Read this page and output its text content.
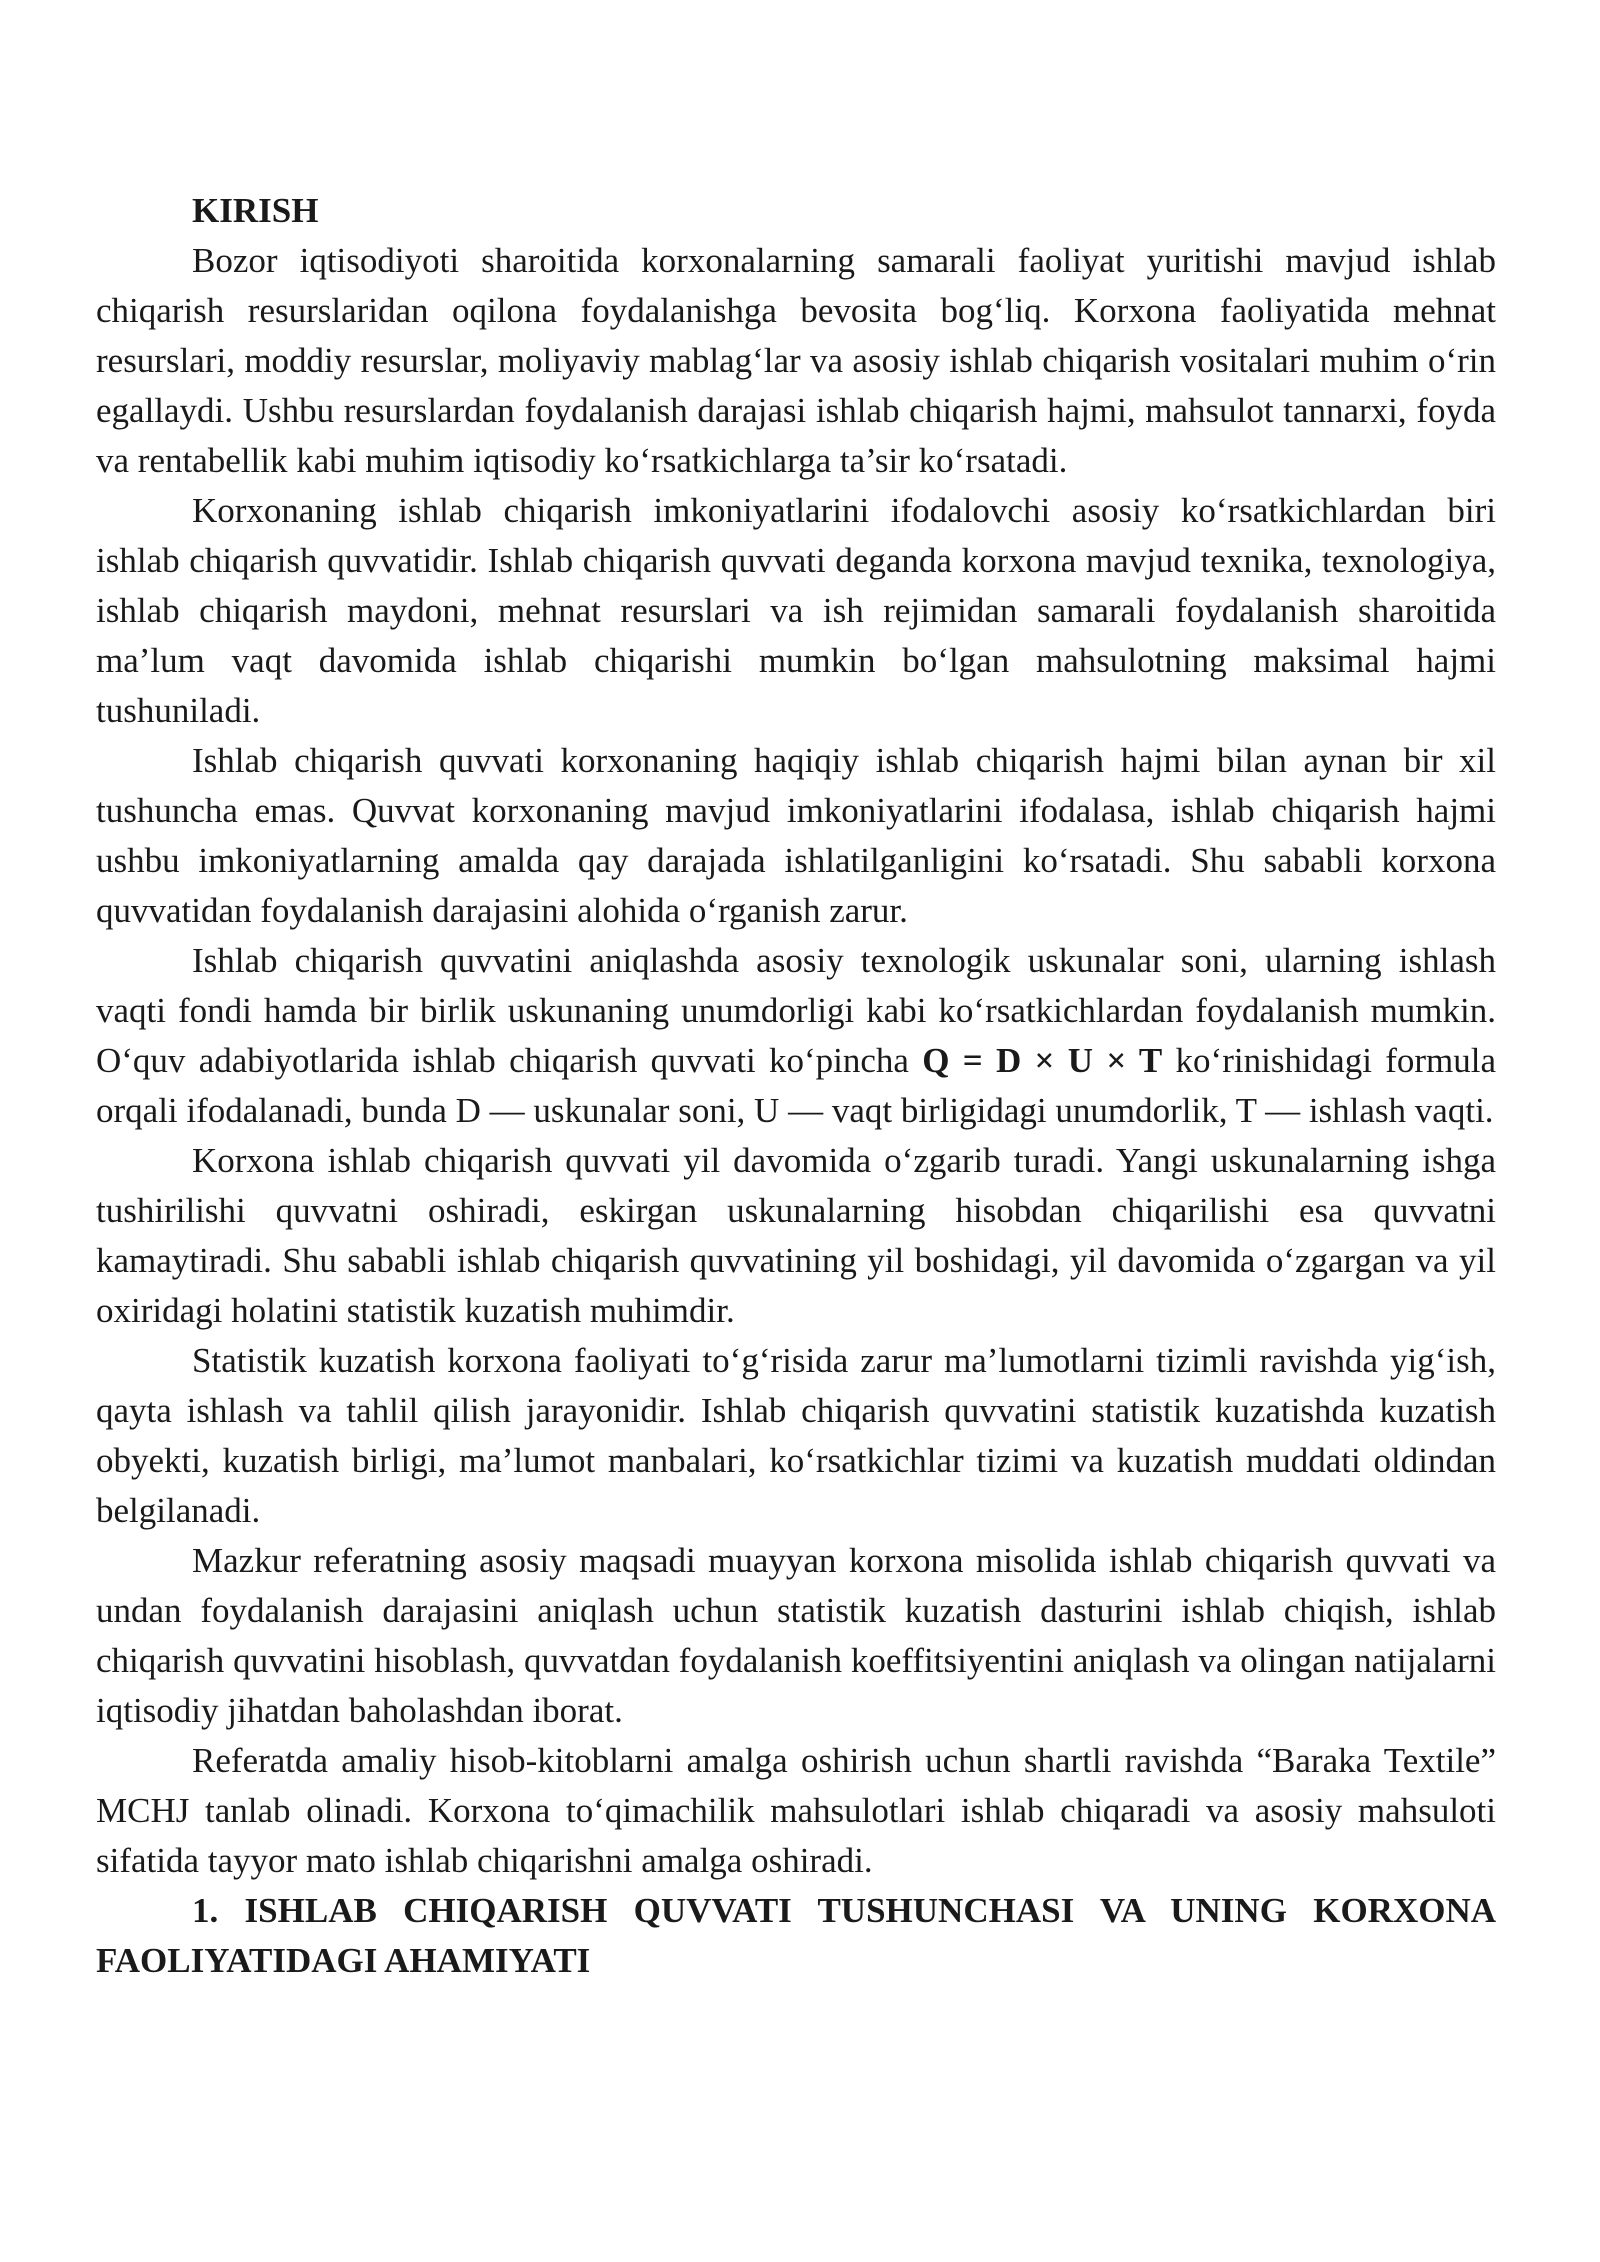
KIRISH

Bozor iqtisodiyoti sharoitida korxonalarning samarali faoliyat yuritishi mavjud ishlab chiqarish resurslaridan oqilona foydalanishga bevosita bog‘liq. Korxona faoliyatida mehnat resurslari, moddiy resurslar, moliyaviy mablag‘lar va asosiy ishlab chiqarish vositalari muhim o‘rin egallaydi. Ushbu resurslardan foydalanish darajasi ishlab chiqarish hajmi, mahsulot tannarxi, foyda va rentabellik kabi muhim iqtisodiy ko‘rsatkichlarga ta’sir ko‘rsatadi.

Korxonaning ishlab chiqarish imkoniyatlarini ifodalovchi asosiy ko‘rsatkichlardan biri ishlab chiqarish quvvatidir. Ishlab chiqarish quvvati deganda korxona mavjud texnika, texnologiya, ishlab chiqarish maydoni, mehnat resurslari va ish rejimidan samarali foydalanish sharoitida ma’lum vaqt davomida ishlab chiqarishi mumkin bo‘lgan mahsulotning maksimal hajmi tushuniladi.

Ishlab chiqarish quvvati korxonaning haqiqiy ishlab chiqarish hajmi bilan aynan bir xil tushuncha emas. Quvvat korxonaning mavjud imkoniyatlarini ifodalasa, ishlab chiqarish hajmi ushbu imkoniyatlarning amalda qay darajada ishlatilganligini ko‘rsatadi. Shu sababli korxona quvvatidan foydalanish darajasini alohida o‘rganish zarur.

Ishlab chiqarish quvvatini aniqlashda asosiy texnologik uskunalar soni, ularning ishlash vaqti fondi hamda bir birlik uskunaning unumdorligi kabi ko‘rsatkichlardan foydalanish mumkin. O‘quv adabiyotlarida ishlab chiqarish quvvati ko‘pincha Q = D × U × T ko‘rinishidagi formula orqali ifodalanadi, bunda D — uskunalar soni, U — vaqt birligidagi unumdorlik, T — ishlash vaqti.

Korxona ishlab chiqarish quvvati yil davomida o‘zgarib turadi. Yangi uskunalarning ishga tushirilishi quvvatni oshiradi, eskirgan uskunalarning hisobdan chiqarilishi esa quvvatni kamaytiradi. Shu sababli ishlab chiqarish quvvatining yil boshidagi, yil davomida o‘zgargan va yil oxiridagi holatini statistik kuzatish muhimdir.

Statistik kuzatish korxona faoliyati to‘g‘risida zarur ma’lumotlarni tizimli ravishda yig‘ish, qayta ishlash va tahlil qilish jarayonidir. Ishlab chiqarish quvvatini statistik kuzatishda kuzatish obyekti, kuzatish birligi, ma’lumot manbalari, ko‘rsatkichlar tizimi va kuzatish muddati oldindan belgilanadi.

Mazkur referatning asosiy maqsadi muayyan korxona misolida ishlab chiqarish quvvati va undan foydalanish darajasini aniqlash uchun statistik kuzatish dasturini ishlab chiqish, ishlab chiqarish quvvatini hisoblash, quvvatdan foydalanish koeffitsiyentini aniqlash va olingan natijalarni iqtisodiy jihatdan baholashdan iborat.

Referatda amaliy hisob-kitoblarni amalga oshirish uchun shartli ravishda “Baraka Textile” MCHJ tanlab olinadi. Korxona to‘qimachilik mahsulotlari ishlab chiqaradi va asosiy mahsuloti sifatida tayyor mato ishlab chiqarishni amalga oshiradi.

1. ISHLAB CHIQARISH QUVVATI TUSHUNCHASI VA UNING KORXONA FAOLIYATIDAGI AHAMIYATI
